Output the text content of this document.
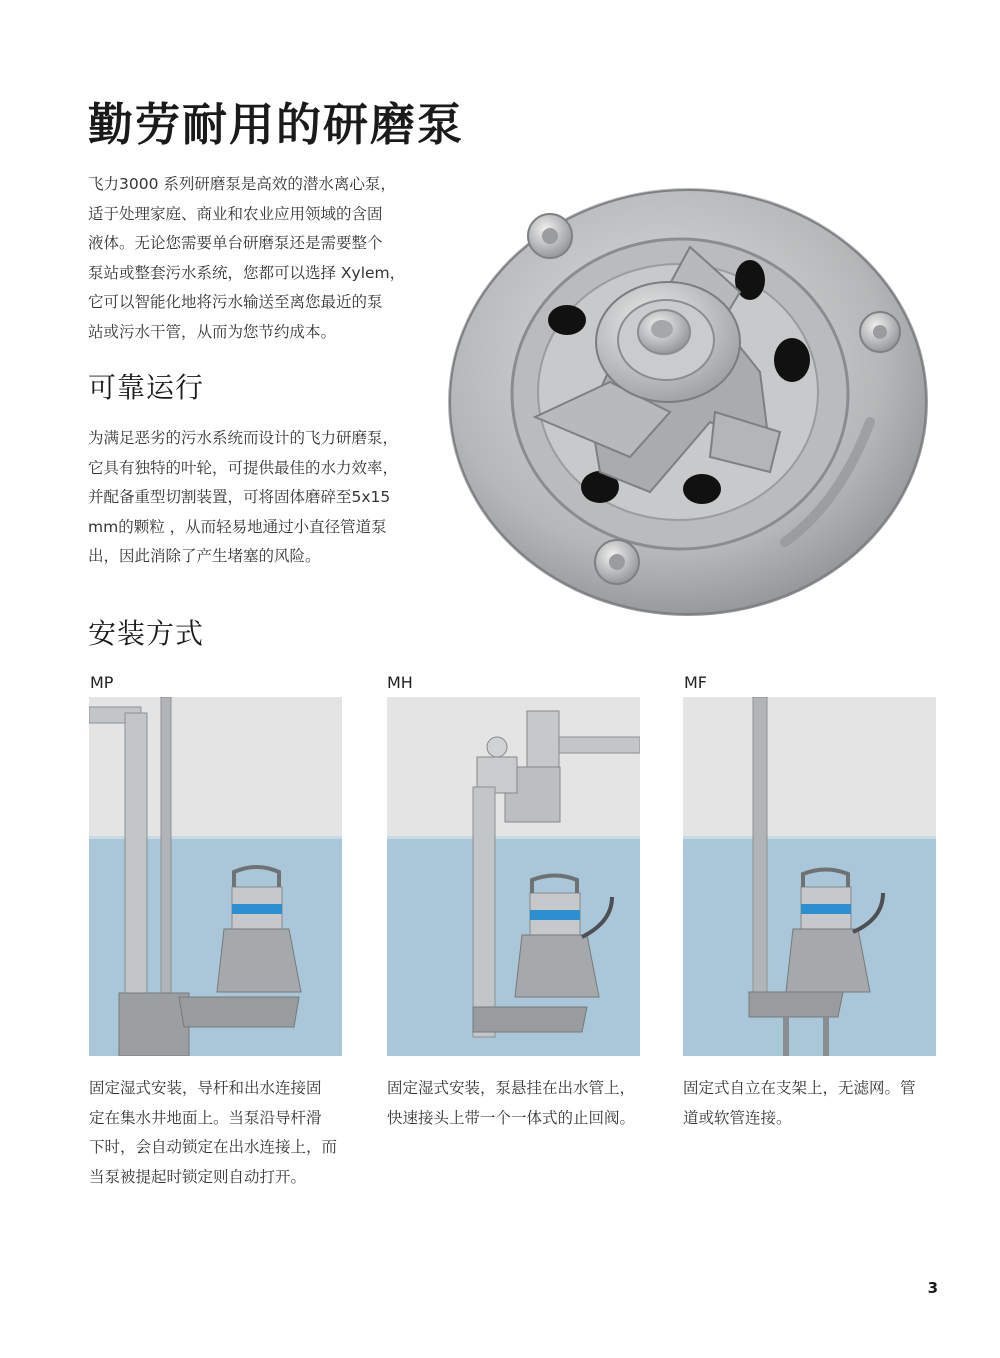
勤劳耐用的研磨泵
飞力3000 系列研磨泵是高效的潜水离心泵，
适于处理家庭、商业和农业应用领域的含固
液体。无论您需要单台研磨泵还是需要整个
泵站或整套污水系统，您都可以选择 Xylem，
它可以智能化地将污水输送至离您最近的泵
站或污水干管，从而为您节约成本。
可靠运行
为满足恶劣的污水系统而设计的飞力研磨泵，
它具有独特的叶轮，可提供最佳的水力效率，
并配备重型切割装置，可将固体磨碎至5x15
mm的颗粒 ，从而轻易地通过小直径管道泵
出，因此消除了产生堵塞的风险。
安装方式
MP
固定湿式安装，导杆和出水连接固
定在集水井地面上。当泵沿导杆滑
下时，会自动锁定在出水连接上，而
当泵被提起时锁定则自动打开。
MH
固定湿式安装，泵悬挂在出水管上，
快速接头上带一个一体式的止回阀。
MF
固定式自立在支架上，无滤网。管
道或软管连接。
3
